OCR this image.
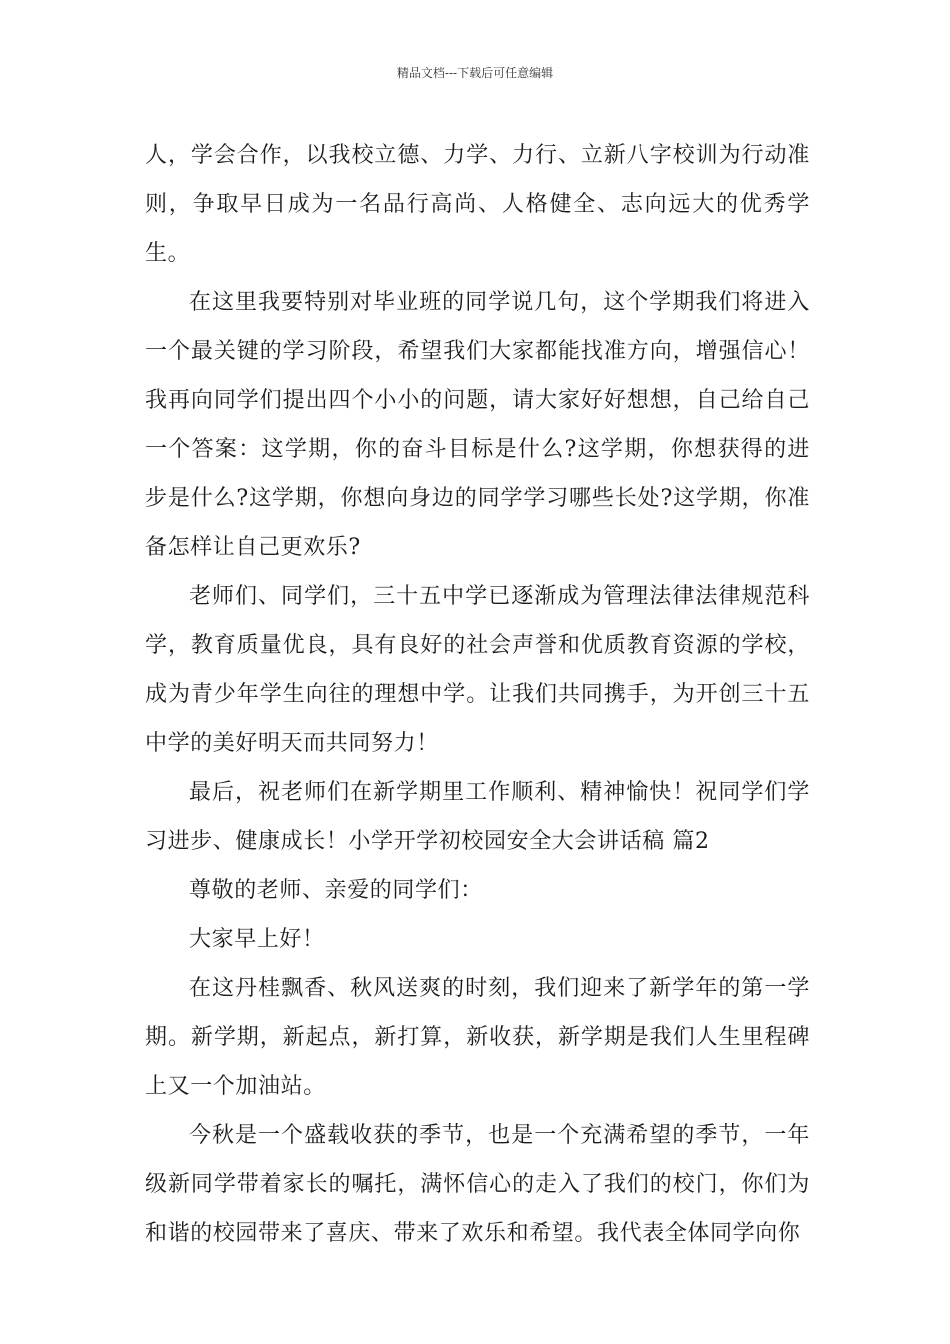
精品文档---下载后可任意编辑

人，学会合作，以我校立德、力学、力行、立新八字校训为行动准则，争取早日成为一名品行高尚、人格健全、志向远大的优秀学生。

在这里我要特别对毕业班的同学说几句，这个学期我们将进入一个最关键的学习阶段，希望我们大家都能找准方向，增强信心！我再向同学们提出四个小小的问题，请大家好好想想，自己给自己一个答案：这学期，你的奋斗目标是什么?这学期，你想获得的进步是什么?这学期，你想向身边的同学学习哪些长处?这学期，你准备怎样让自己更欢乐?

老师们、同学们，三十五中学已逐渐成为管理法律法律规范科学，教育质量优良，具有良好的社会声誉和优质教育资源的学校，成为青少年学生向往的理想中学。让我们共同携手，为开创三十五中学的美好明天而共同努力！

最后，祝老师们在新学期里工作顺利、精神愉快！祝同学们学习进步、健康成长！小学开学初校园安全大会讲话稿 篇2

尊敬的老师、亲爱的同学们：

大家早上好！

在这丹桂飘香、秋风送爽的时刻，我们迎来了新学年的第一学期。新学期，新起点，新打算，新收获，新学期是我们人生里程碑上又一个加油站。

今秋是一个盛载收获的季节，也是一个充满希望的季节，一年级新同学带着家长的嘱托，满怀信心的走入了我们的校门，你们为和谐的校园带来了喜庆、带来了欢乐和希望。我代表全体同学向你
